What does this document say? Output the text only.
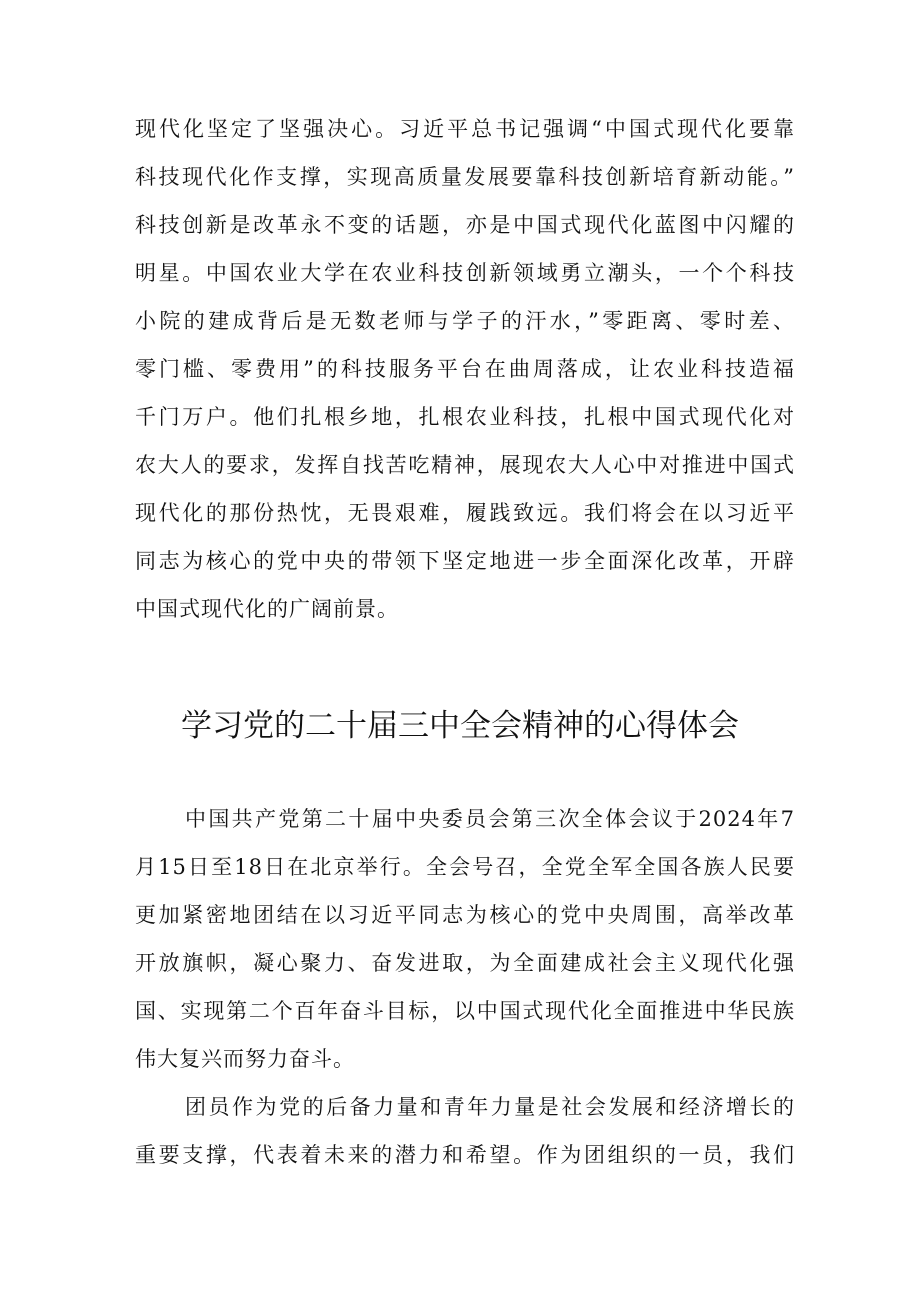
现代化坚定了坚强决心。习近平总书记强调“中国式现代化要靠
科技现代化作支撑，实现高质量发展要靠科技创新培育新动能。”
科技创新是改革永不变的话题，亦是中国式现代化蓝图中闪耀的
明星。中国农业大学在农业科技创新领域勇立潮头，一个个科技
小院的建成背后是无数老师与学子的汗水，”零距离、零时差、
零门槛、零费用”的科技服务平台在曲周落成，让农业科技造福
千门万户。他们扎根乡地，扎根农业科技，扎根中国式现代化对
农大人的要求，发挥自找苦吃精神，展现农大人心中对推进中国式
现代化的那份热忱，无畏艰难，履践致远。我们将会在以习近平
同志为核心的党中央的带领下坚定地进一步全面深化改革，开辟
中国式现代化的广阔前景。
学习党的二十届三中全会精神的心得体会
中国共产党第二十届中央委员会第三次全体会议于2024年7
月15日至18日在北京举行。全会号召，全党全军全国各族人民要
更加紧密地团结在以习近平同志为核心的党中央周围，高举改革
开放旗帜，凝心聚力、奋发进取，为全面建成社会主义现代化强
国、实现第二个百年奋斗目标，以中国式现代化全面推进中华民族
伟大复兴而努力奋斗。
团员作为党的后备力量和青年力量是社会发展和经济增长的
重要支撑，代表着未来的潜力和希望。作为团组织的一员，我们
